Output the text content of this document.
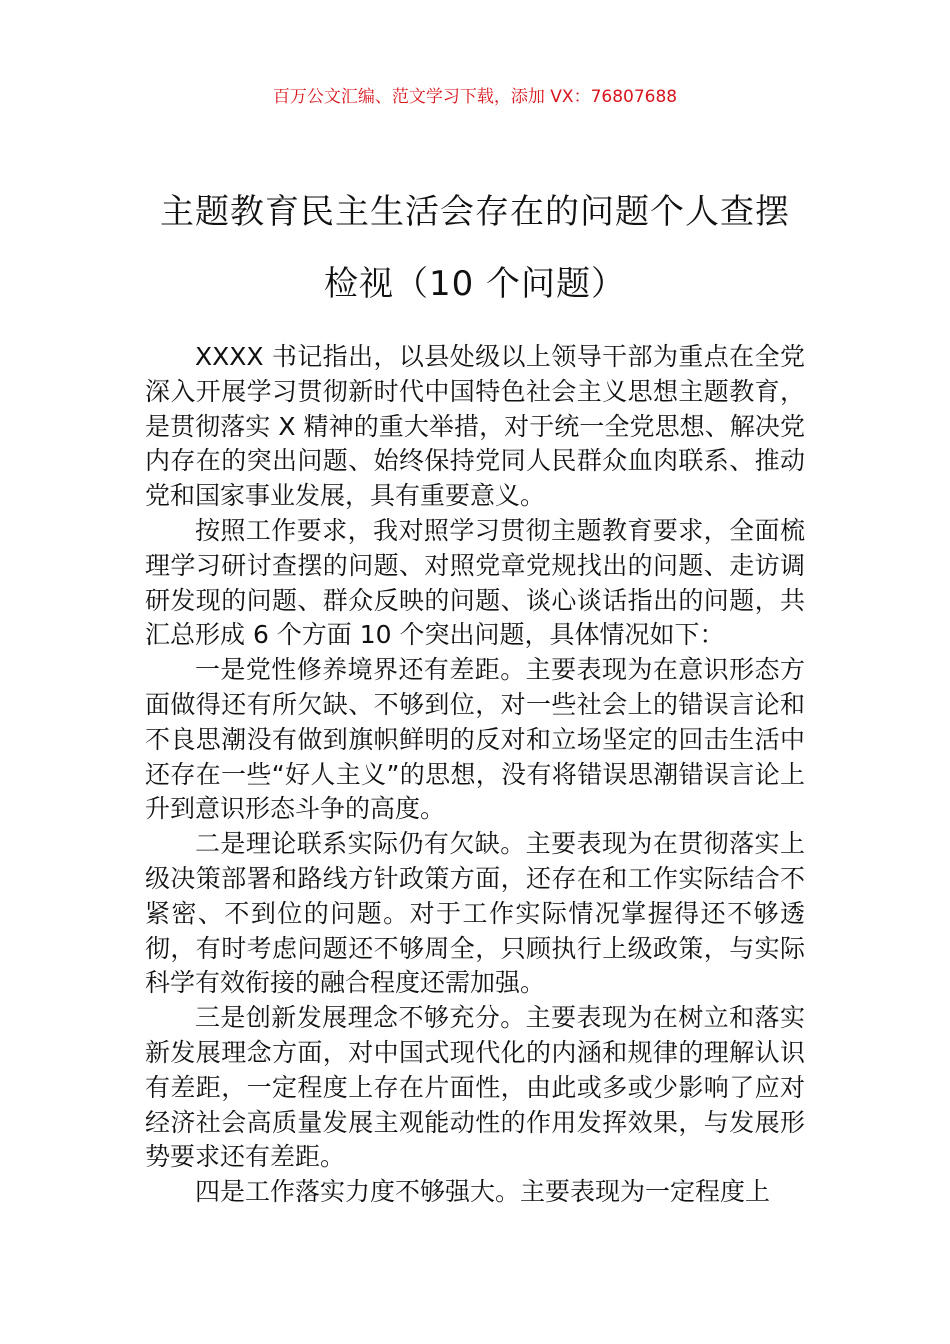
百万公文汇编、范文学习下载，添加 VX：76807688
主题教育民主生活会存在的问题个人查摆
检视（10 个问题）

XXXX 书记指出，以县处级以上领导干部为重点在全党深入开展学习贯彻新时代中国特色社会主义思想主题教育，是贯彻落实 X 精神的重大举措，对于统一全党思想、解决党内存在的突出问题、始终保持党同人民群众血肉联系、推动党和国家事业发展，具有重要意义。

按照工作要求，我对照学习贯彻主题教育要求，全面梳理学习研讨查摆的问题、对照党章党规找出的问题、走访调研发现的问题、群众反映的问题、谈心谈话指出的问题，共汇总形成 6 个方面 10 个突出问题，具体情况如下：

一是党性修养境界还有差距。主要表现为在意识形态方面做得还有所欠缺、不够到位，对一些社会上的错误言论和不良思潮没有做到旗帜鲜明的反对和立场坚定的回击生活中还存在一些“好人主义”的思想，没有将错误思潮错误言论上升到意识形态斗争的高度。

二是理论联系实际仍有欠缺。主要表现为在贯彻落实上级决策部署和路线方针政策方面，还存在和工作实际结合不紧密、不到位的问题。对于工作实际情况掌握得还不够透彻，有时考虑问题还不够周全，只顾执行上级政策，与实际科学有效衔接的融合程度还需加强。

三是创新发展理念不够充分。主要表现为在树立和落实新发展理念方面，对中国式现代化的内涵和规律的理解认识有差距，一定程度上存在片面性，由此或多或少影响了应对经济社会高质量发展主观能动性的作用发挥效果，与发展形势要求还有差距。

四是工作落实力度不够强大。主要表现为一定程度上
